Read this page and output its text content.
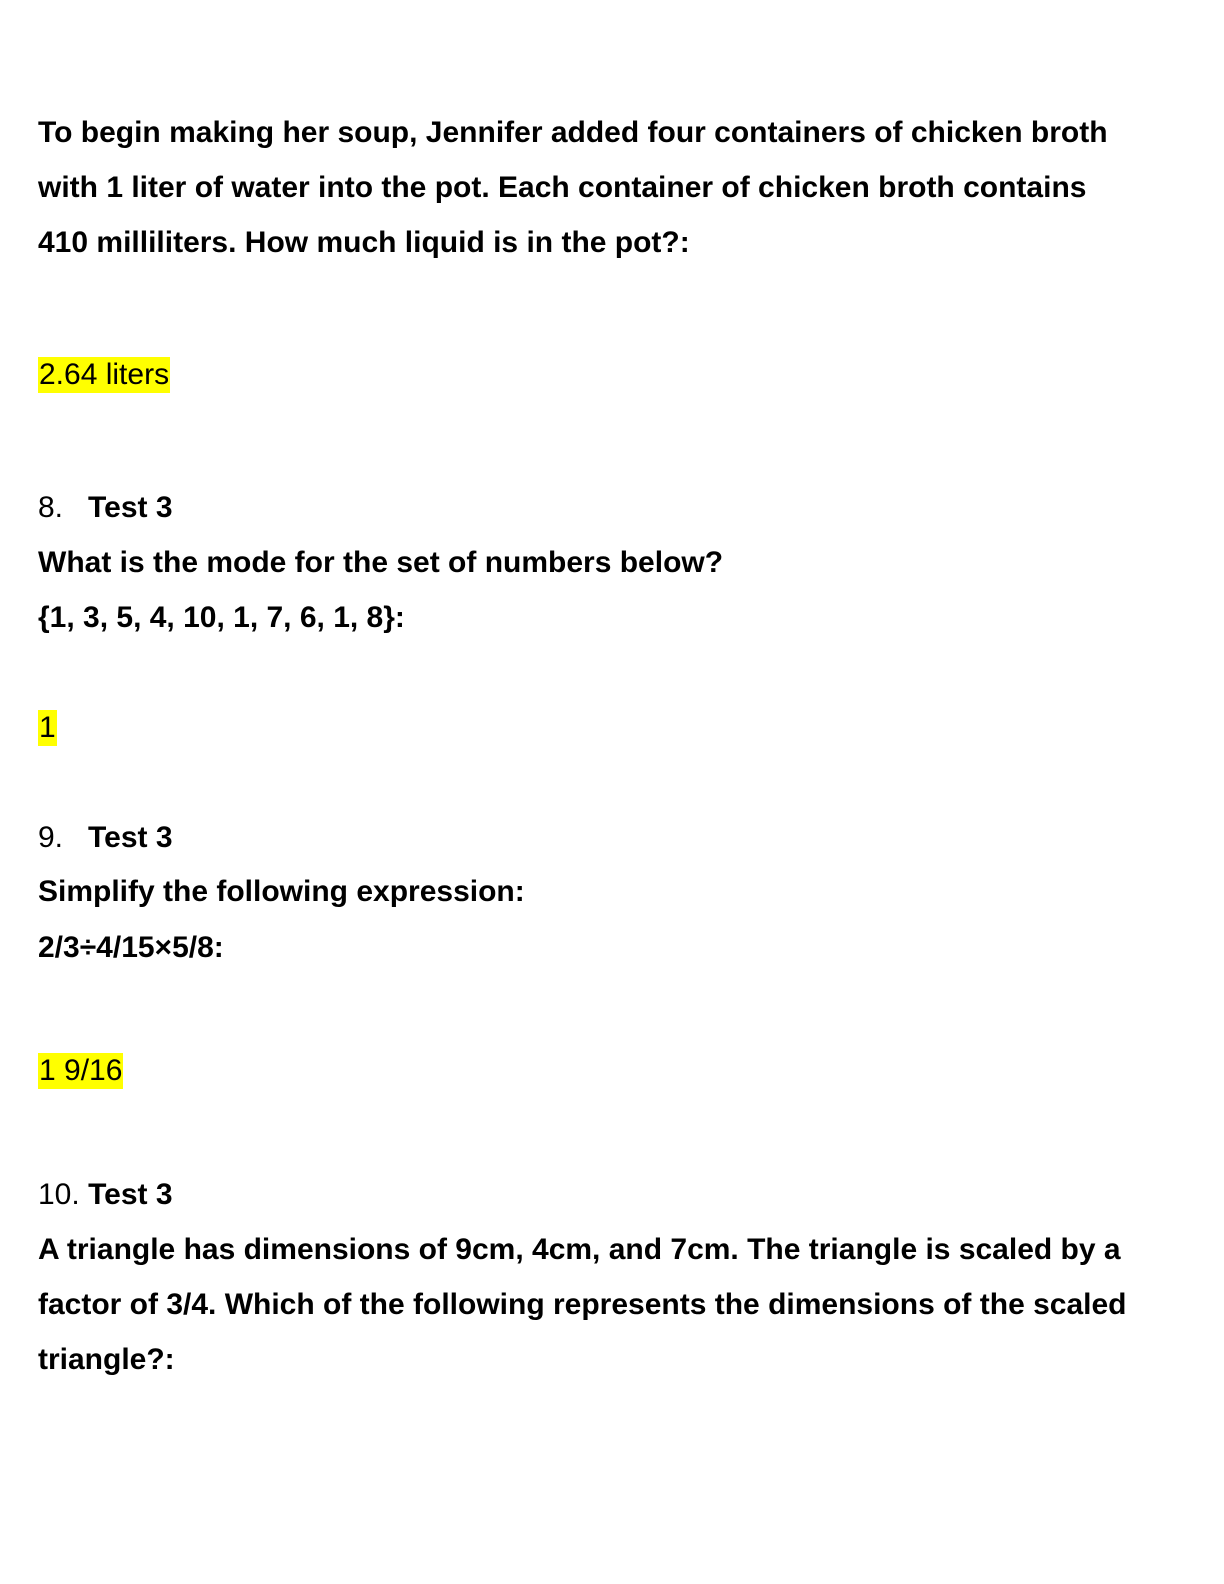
To begin making her soup, Jennifer added four containers of chicken broth
with 1 liter of water into the pot. Each container of chicken broth contains
410 milliliters. How much liquid is in the pot?:
2.64 liters
8. Test 3
What is the mode for the set of numbers below?
{1, 3, 5, 4, 10, 1, 7, 6, 1, 8}:
1
9. Test 3
Simplify the following expression:
2/3÷4/15×5/8:
1 9/16
10. Test 3
A triangle has dimensions of 9cm, 4cm, and 7cm. The triangle is scaled by a
factor of 3/4. Which of the following represents the dimensions of the scaled
triangle?:
